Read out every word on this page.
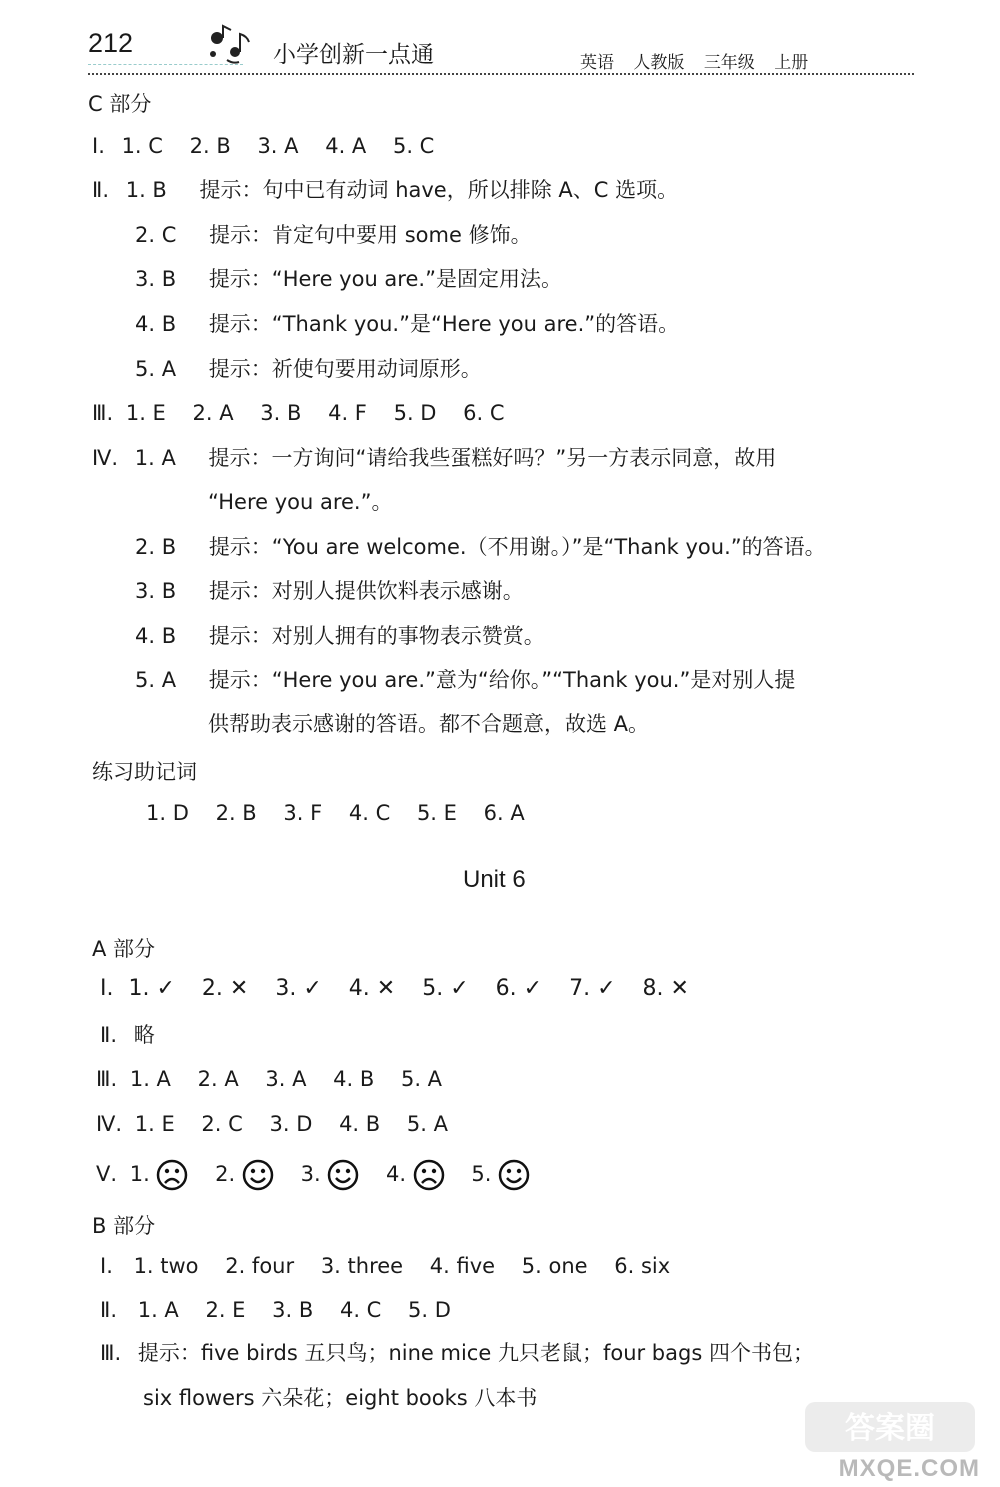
212	小学创新一点通	英语 人教版 三年级 上册
C 部分
Ⅰ. 1. C 2. B 3. A 4. A 5. C
Ⅱ. 1. B 提示：句中已有动词 have，所以排除 A、C 选项。
2. C 提示：肯定句中要用 some 修饰。
3. B 提示：“Here you are.”是固定用法。
4. B 提示：“Thank you.”是“Here you are.”的答语。
5. A 提示：祈使句要用动词原形。
Ⅲ. 1. E 2. A 3. B 4. F 5. D 6. C
Ⅳ. 1. A 提示：一方询问“请给我些蛋糕好吗？”另一方表示同意，故用
“Here you are.”。
2. B 提示：“You are welcome.（不用谢。）”是“Thank you.”的答语。
3. B 提示：对别人提供饮料表示感谢。
4. B 提示：对别人拥有的事物表示赞赏。
5. A 提示：“Here you are.”意为“给你。”“Thank you.”是对别人提
供帮助表示感谢的答语。都不合题意，故选 A。
练习助记词
1. D 2. B 3. F 4. C 5. E 6. A
Unit 6
A 部分
Ⅰ. 1. ✓ 2. ✕ 3. ✓ 4. ✕ 5. ✓ 6. ✓ 7. ✓ 8. ✕
Ⅱ. 略
Ⅲ. 1. A 2. A 3. A 4. B 5. A
Ⅳ. 1. E 2. C 3. D 4. B 5. A
Ⅴ. 1.	2.	3.	4.	5.
B 部分
Ⅰ. 1. two 2. four 3. three 4. five 5. one 6. six
Ⅱ. 1. A 2. E 3. B 4. C 5. D
Ⅲ. 提示：five birds 五只鸟；nine mice 九只老鼠；four bags 四个书包；
six flowers 六朵花；eight books 八本书
答案圈
MXQE.COM
